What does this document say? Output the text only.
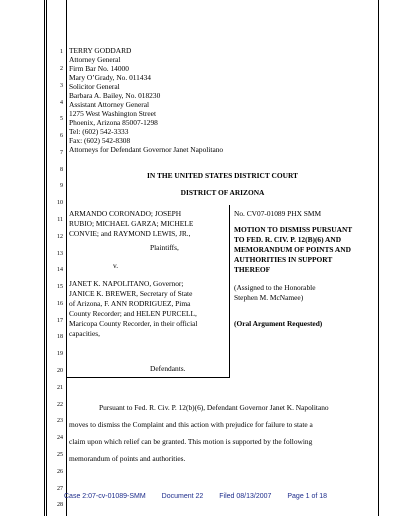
1
2
3
4
5
6
7
8
9
10
11
12
13
14
15
16
17
18
19
20
21
22
23
24
25
26
27
28
TERRY GODDARD
Attorney General
Firm Bar No. 14000
Mary O’Grady, No. 011434
Solicitor General
Barbara A. Bailey, No. 018230
Assistant Attorney General
1275 West Washington Street
Phoenix, Arizona 85007-1298
Tel: (602) 542-3333
Fax: (602) 542-8308
Attorneys for Defendant Governor Janet Napolitano
IN THE UNITED STATES DISTRICT COURT
DISTRICT OF ARIZONA
ARMANDO CORONADO; JOSEPH
RUBIO; MICHAEL GARZA; MICHELE
CONVIE; and RAYMOND LEWIS, JR.,
Plaintiffs,
v.
JANET K. NAPOLITANO, Governor;
JANICE K. BREWER, Secretary of State
of Arizona, F. ANN RODRIGUEZ, Pima
County Recorder; and HELEN PURCELL,
Maricopa County Recorder, in their official
capacities,
Defendants.
No. CV07-01089 PHX SMM
MOTION TO DISMISS PURSUANT
TO FED. R. CIV. P. 12(B)(6) AND
MEMORANDUM OF POINTS AND
AUTHORITIES IN SUPPORT
THEREOF
(Assigned to the Honorable
Stephen M. McNamee)
(Oral Argument Requested)
Pursuant to Fed. R. Civ. P. 12(b)(6), Defendant Governor Janet K. Napolitano
moves to dismiss the Complaint and this action with prejudice for failure to state a
claim upon which relief can be granted. This motion is supported by the following
memorandum of points and authorities.
Case 2:07-cv-01089-SMM Document 22 Filed 08/13/2007 Page 1 of 18
